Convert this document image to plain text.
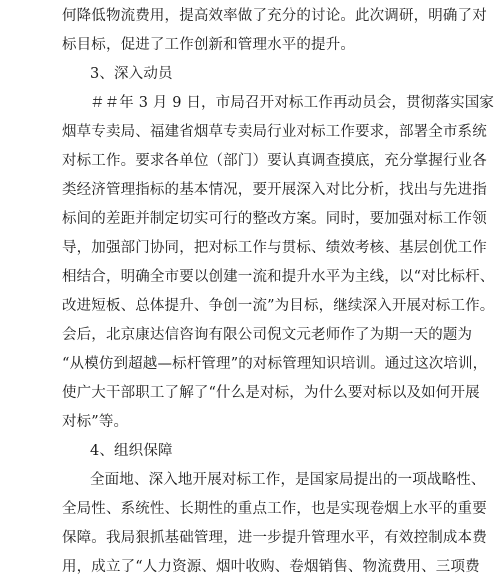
何降低物流费用，提高效率做了充分的讨论。此次调研，明确了对
标目标，促进了工作创新和管理水平的提升。
3、深入动员
＃＃年 3 月 9 日，市局召开对标工作再动员会，贯彻落实国家
烟草专卖局、福建省烟草专卖局行业对标工作要求，部署全市系统
对标工作。要求各单位（部门）要认真调查摸底，充分掌握行业各
类经济管理指标的基本情况，要开展深入对比分析，找出与先进指
标间的差距并制定切实可行的整改方案。同时，要加强对标工作领
导，加强部门协同，把对标工作与贯标、绩效考核、基层创优工作
相结合，明确全市要以创建一流和提升水平为主线，以“对比标杆、
改进短板、总体提升、争创一流”为目标，继续深入开展对标工作。
会后，北京康达信咨询有限公司倪文元老师作了为期一天的题为
“从模仿到超越—标杆管理”的对标管理知识培训。通过这次培训，
使广大干部职工了解了“什么是对标，为什么要对标以及如何开展
对标”等。
4、组织保障
全面地、深入地开展对标工作，是国家局提出的一项战略性、
全局性、系统性、长期性的重点工作，也是实现卷烟上水平的重要
保障。我局狠抓基础管理，进一步提升管理水平，有效控制成本费
用，成立了“人力资源、烟叶收购、卷烟销售、物流费用、三项费
